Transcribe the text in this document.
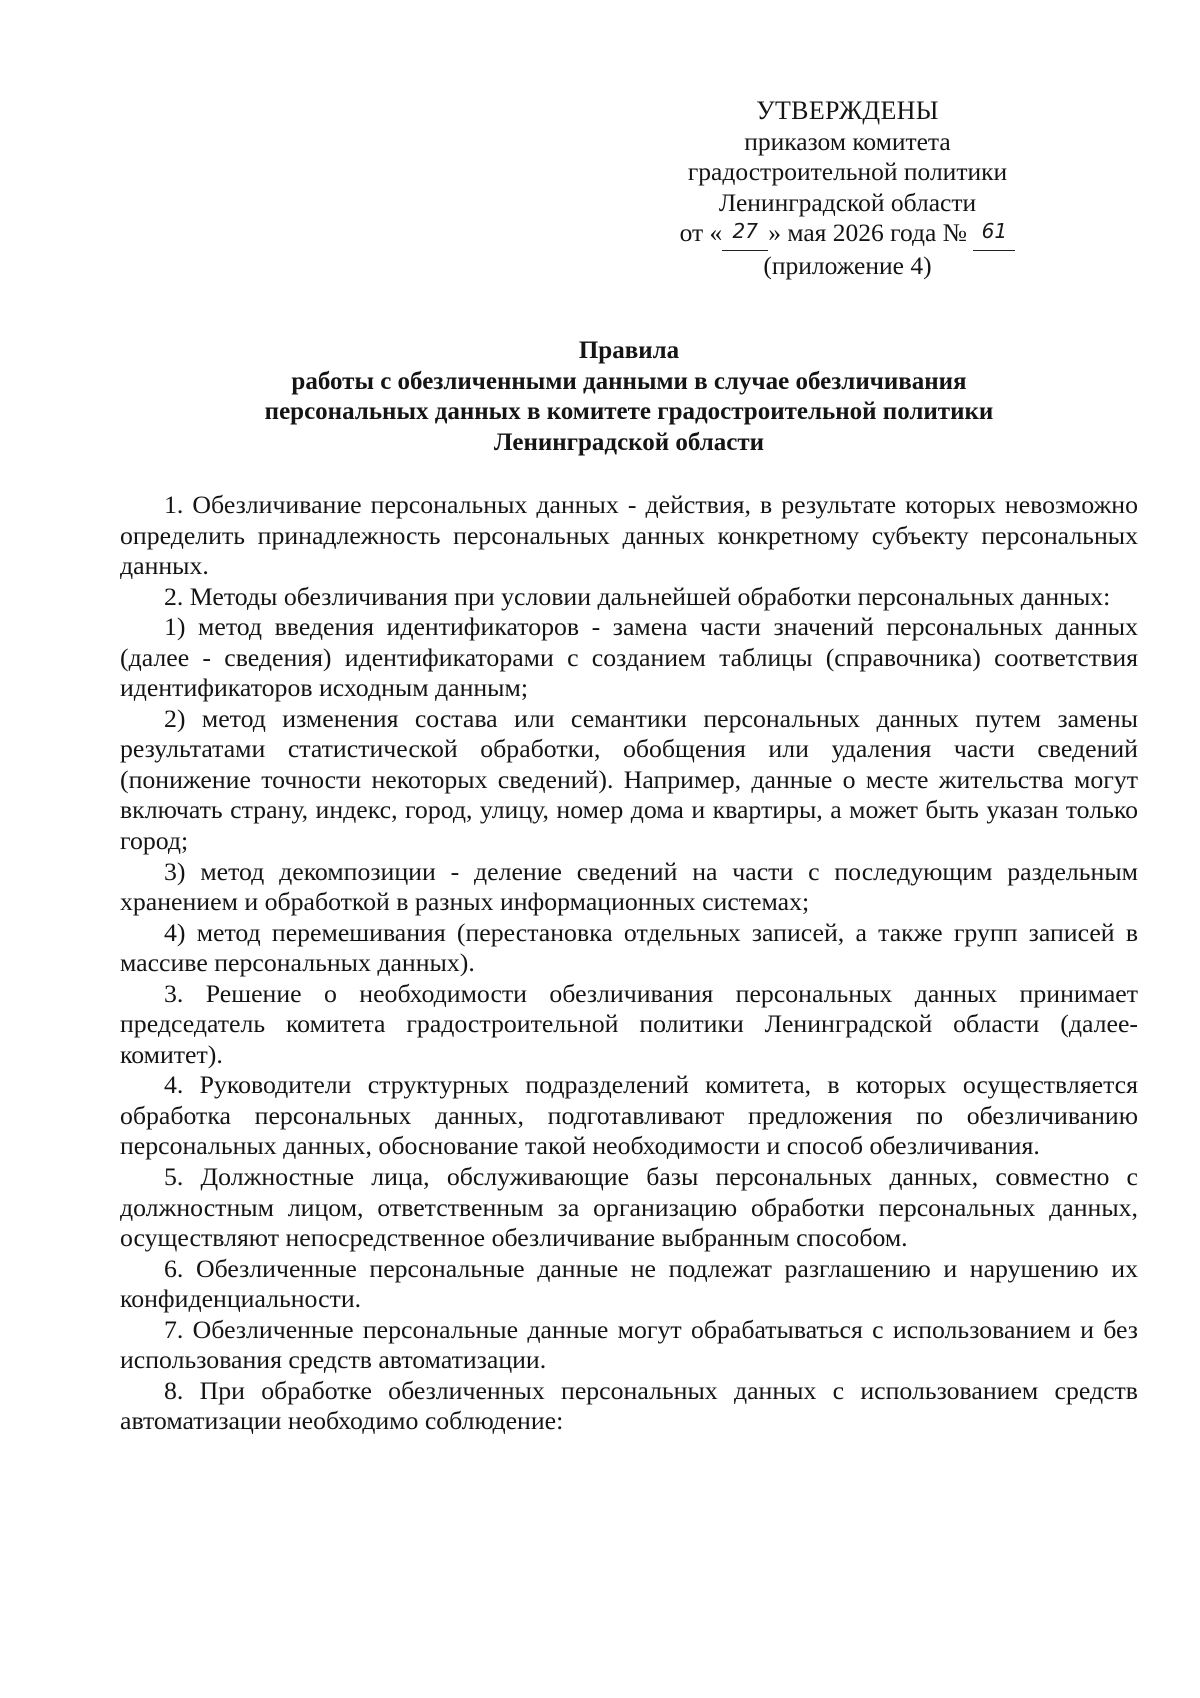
УТВЕРЖДЕНЫ
приказом комитета
градостроительной политики
Ленинградской области
от « 27 » мая 2026 года № 61
(приложение 4)
Правила
работы с обезличенными данными в случае обезличивания
персональных данных в комитете градостроительной политики
Ленинградской области

1. Обезличивание персональных данных - действия, в результате которых невозможно определить принадлежность персональных данных конкретному субъекту персональных данных.

2. Методы обезличивания при условии дальнейшей обработки персональных данных:

1) метод введения идентификаторов - замена части значений персональных данных (далее - сведения) идентификаторами с созданием таблицы (справочника) соответствия идентификаторов исходным данным;

2) метод изменения состава или семантики персональных данных путем замены результатами статистической обработки, обобщения или удаления части сведений (понижение точности некоторых сведений). Например, данные о месте жительства могут включать страну, индекс, город, улицу, номер дома и квартиры, а может быть указан только город;

3) метод декомпозиции - деление сведений на части с последующим раздельным хранением и обработкой в разных информационных системах;

4) метод перемешивания (перестановка отдельных записей, а также групп записей в массиве персональных данных).

3. Решение о необходимости обезличивания персональных данных принимает председатель комитета градостроительной политики Ленинградской области (далее-комитет).

4. Руководители структурных подразделений комитета, в которых осуществляется обработка персональных данных, подготавливают предложения по обезличиванию персональных данных, обоснование такой необходимости и способ обезличивания.

5. Должностные лица, обслуживающие базы персональных данных, совместно с должностным лицом, ответственным за организацию обработки персональных данных, осуществляют непосредственное обезличивание выбранным способом.

6. Обезличенные персональные данные не подлежат разглашению и нарушению их конфиденциальности.

7. Обезличенные персональные данные могут обрабатываться с использованием и без использования средств автоматизации.

8. При обработке обезличенных персональных данных с использованием средств автоматизации необходимо соблюдение:
